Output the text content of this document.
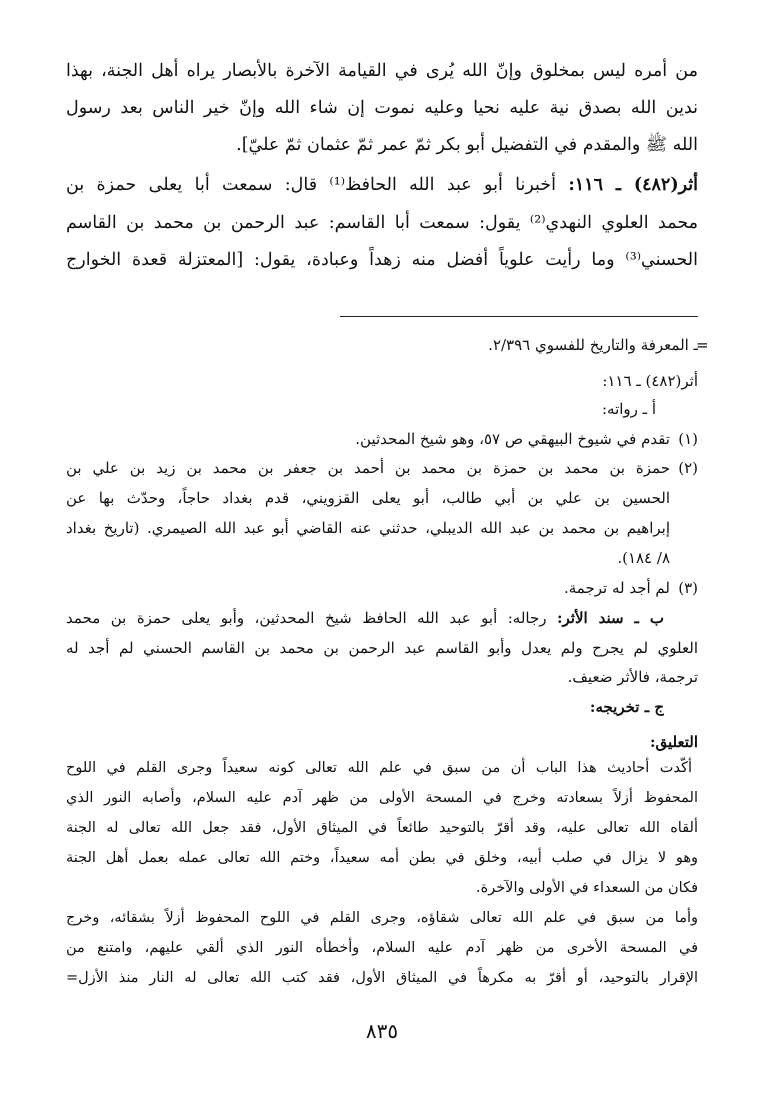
من أمره ليس بمخلوق وإنّ الله يُرى في القيامة الآخرة بالأبصار يراه أهل الجنة، بهذا
ندين الله بصدق نية عليه نحيا وعليه نموت إن شاء الله وإنّ خير الناس بعد رسول
الله ﷺ والمقدم في التفضيل أبو بكر ثمّ عمر ثمّ عثمان ثمّ عليّ].
أثر(٤٨٢) ـ ١١٦: أخبرنا أبو عبد الله الحافظ⁽¹⁾ قال: سمعت أبا يعلى حمزة بن
محمد العلوي النهدي⁽²⁾ يقول: سمعت أبا القاسم: عبد الرحمن بن محمد بن القاسم
الحسني⁽³⁾ وما رأيت علوياً أفضل منه زهداً وعبادة، يقول: [المعتزلة قعدة الخوارج
=
ـ المعرفة والتاريخ للفسوي ٢/٣٩٦.
أثر(٤٨٢) ـ ١١٦:
أ ـ رواته:
(١)
تقدم في شيوخ البيهقي ص ٥٧، وهو شيخ المحدثين.
(٢)
حمزة بن محمد بن حمزة بن محمد بن أحمد بن جعفر بن محمد بن زيد بن علي بن
الحسين بن علي بن أبي طالب، أبو يعلى القزويني، قدم بغداد حاجاً، وحدّث بها عن
إبراهيم بن محمد بن عبد الله الديبلي، حدثني عنه القاضي أبو عبد الله الصيمري. (تاريخ بغداد
٨/ ١٨٤).
(٣)
لم أجد له ترجمة.
ب ـ سند الأثر: رجاله: أبو عبد الله الحافظ شيخ المحدثين، وأبو يعلى حمزة بن محمد
العلوي لم يجرح ولم يعدل وأبو القاسم عبد الرحمن بن محمد بن القاسم الحسني لم أجد له
ترجمة، فالأثر ضعيف.
ج ـ تخريجه:
التعليق:
أكّدت أحاديث هذا الباب أن من سبق في علم الله تعالى كونه سعيداً وجرى القلم في اللوح
المحفوظ أزلاً بسعادته وخرج في المسحة الأولى من ظهر آدم عليه السلام، وأصابه النور الذي
ألقاه الله تعالى عليه، وقد أقرّ بالتوحيد طائعاً في الميثاق الأول، فقد جعل الله تعالى له الجنة
وهو لا يزال في صلب أبيه، وخلق في بطن أمه سعيداً، وختم الله تعالى عمله بعمل أهل الجنة
فكان من السعداء في الأولى والآخرة.
وأما من سبق في علم الله تعالى شقاؤه، وجرى القلم في اللوح المحفوظ أزلاً بشقائه، وخرج
في المسحة الأخرى من ظهر آدم عليه السلام، وأخطأه النور الذي ألقي عليهم، وامتنع من
الإقرار بالتوحيد، أو أقرّ به مكرهاً في الميثاق الأول، فقد كتب الله تعالى له النار منذ الأزل=
٨٣٥
